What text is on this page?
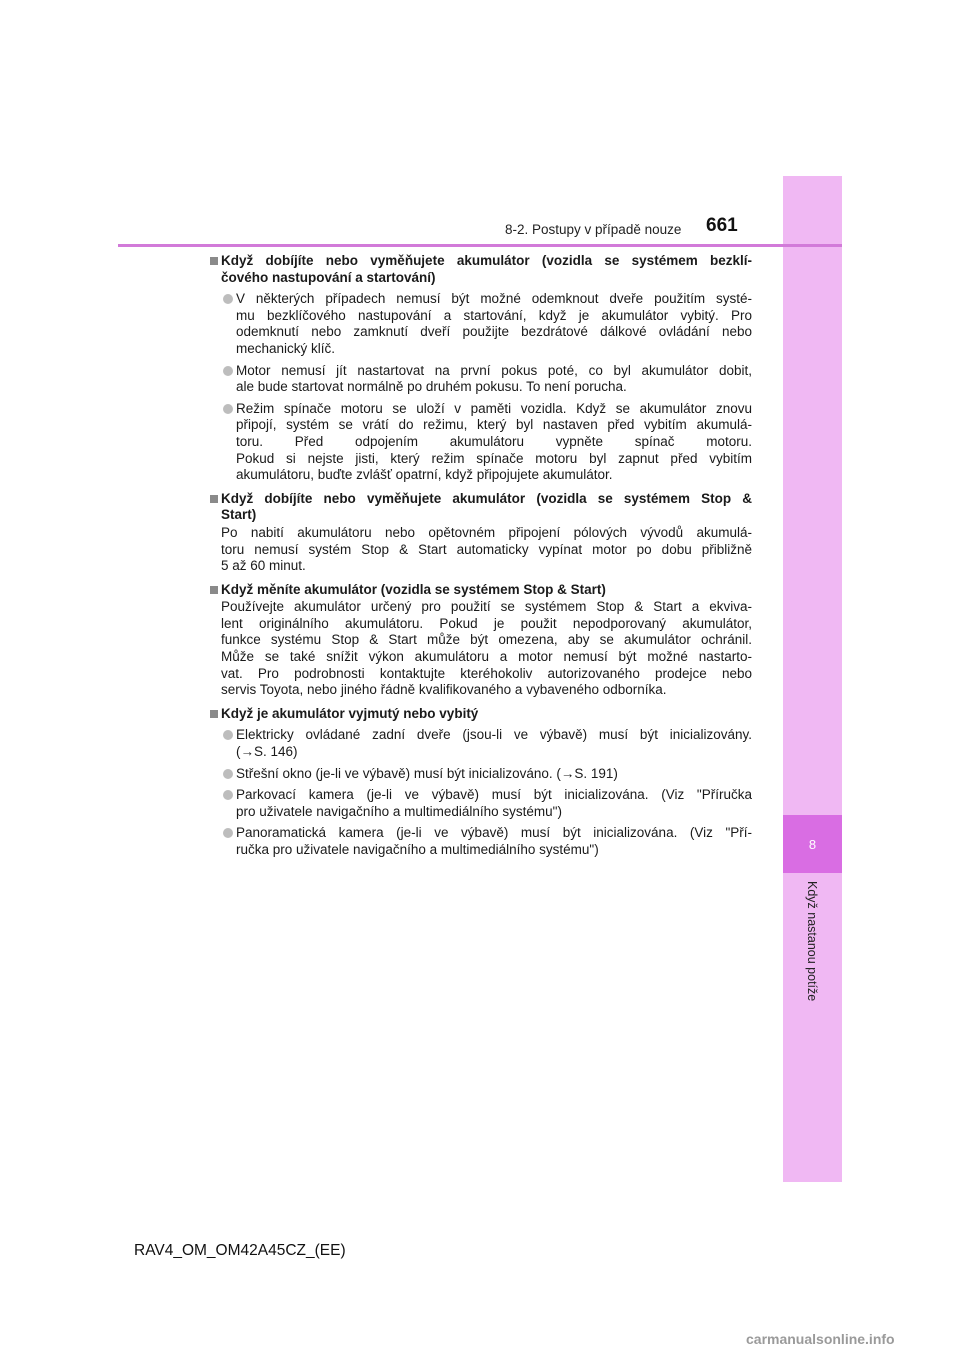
8
Když nastanou potíže
8-2. Postupy v případě nouze 661
Když dobíjíte nebo vyměňujete akumulátor (vozidla se systémem bezklí-
čového nastupování a startování)
V některých případech nemusí být možné odemknout dveře použitím systé-
mu bezklíčového nastupování a startování, když je akumulátor vybitý. Pro
odemknutí nebo zamknutí dveří použijte bezdrátové dálkové ovládání nebo
mechanický klíč.
Motor nemusí jít nastartovat na první pokus poté, co byl akumulátor dobit,
ale bude startovat normálně po druhém pokusu. To není porucha.
Režim spínače motoru se uloží v paměti vozidla. Když se akumulátor znovu
připojí, systém se vrátí do režimu, který byl nastaven před vybitím akumulá-
toru. Před odpojením akumulátoru vypněte spínač motoru.
Pokud si nejste jisti, který režim spínače motoru byl zapnut před vybitím
akumulátoru, buďte zvlášť opatrní, když připojujete akumulátor.
Když dobíjíte nebo vyměňujete akumulátor (vozidla se systémem Stop &
Start)
Po nabití akumulátoru nebo opětovném připojení pólových vývodů akumulá-
toru nemusí systém Stop & Start automaticky vypínat motor po dobu přibližně
5 až 60 minut.
Když měníte akumulátor (vozidla se systémem Stop & Start)
Používejte akumulátor určený pro použití se systémem Stop & Start a ekviva-
lent originálního akumulátoru. Pokud je použit nepodporovaný akumulátor,
funkce systému Stop & Start může být omezena, aby se akumulátor ochránil.
Může se také snížit výkon akumulátoru a motor nemusí být možné nastarto-
vat. Pro podrobnosti kontaktujte kteréhokoliv autorizovaného prodejce nebo
servis Toyota, nebo jiného řádně kvalifikovaného a vybaveného odborníka.
Když je akumulátor vyjmutý nebo vybitý
Elektricky ovládané zadní dveře (jsou-li ve výbavě) musí být inicializovány.
(→S. 146)
Střešní okno (je-li ve výbavě) musí být inicializováno. (→S. 191)
Parkovací kamera (je-li ve výbavě) musí být inicializována. (Viz "Příručka
pro uživatele navigačního a multimediálního systému")
Panoramatická kamera (je-li ve výbavě) musí být inicializována. (Viz "Pří-
ručka pro uživatele navigačního a multimediálního systému")
RAV4_OM_OM42A45CZ_(EE)
carmanualsonline.info
